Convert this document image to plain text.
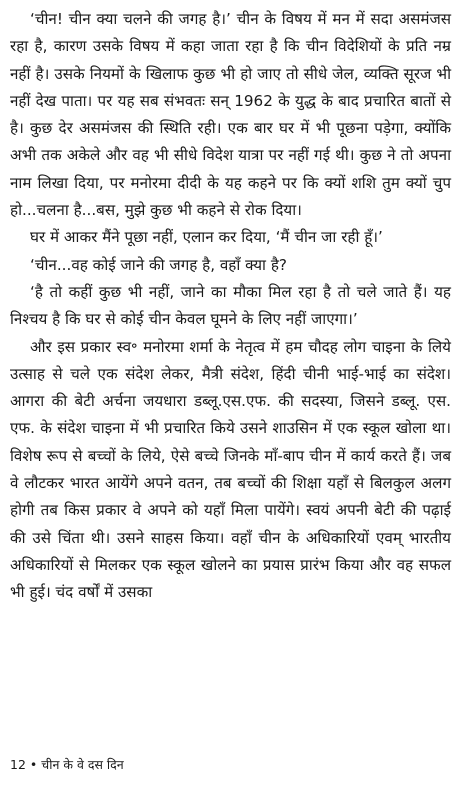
‘चीन! चीन क्या चलने की जगह है।’ चीन के विषय में मन में सदा असमंजस रहा है, कारण उसके विषय में कहा जाता रहा है कि चीन विदेशियों के प्रति नम्र नहीं है। उसके नियमों के खिलाफ कुछ भी हो जाए तो सीधे जेल, व्यक्ति सूरज भी नहीं देख पाता। पर यह सब संभवतः सन् 1962 के युद्ध के बाद प्रचारित बातों से है। कुछ देर असमंजस की स्थिति रही। एक बार घर में भी पूछना पड़ेगा, क्योंकि अभी तक अकेले और वह भी सीधे विदेश यात्रा पर नहीं गई थी। कुछ ने तो अपना नाम लिखा दिया, पर मनोरमा दीदी के यह कहने पर कि क्यों शशि तुम क्यों चुप हो...चलना है...बस, मुझे कुछ भी कहने से रोक दिया।

घर में आकर मैंने पूछा नहीं, एलान कर दिया, ‘मैं चीन जा रही हूँ।’

‘चीन...वह कोई जाने की जगह है, वहाँ क्या है?

‘है तो कहीं कुछ भी नहीं, जाने का मौका मिल रहा है तो चले जाते हैं। यह निश्चय है कि घर से कोई चीन केवल घूमने के लिए नहीं जाएगा।’

और इस प्रकार स्व॰ मनोरमा शर्मा के नेतृत्व में हम चौदह लोग चाइना के लिये उत्साह से चले एक संदेश लेकर, मैत्री संदेश, हिंदी चीनी भाई-भाई का संदेश। आगरा की बेटी अर्चना जयधारा डब्लू.एस.एफ. की सदस्या, जिसने डब्लू. एस. एफ. के संदेश चाइना में भी प्रचारित किये उसने शाउसिन में एक स्कूल खोला था। विशेष रूप से बच्चों के लिये, ऐसे बच्चे जिनके माँ-बाप चीन में कार्य करते हैं। जब वे लौटकर भारत आयेंगे अपने वतन, तब बच्चों की शिक्षा यहाँ से बिलकुल अलग होगी तब किस प्रकार वे अपने को यहाँ मिला पायेंगे। स्वयं अपनी बेटी की पढ़ाई की उसे चिंता थी। उसने साहस किया। वहाँ चीन के अधिकारियों एवम् भारतीय अधिकारियों से मिलकर एक स्कूल खोलने का प्रयास प्रारंभ किया और वह सफल भी हुई। चंद वर्षों में उसका

12 • चीन के वे दस दिन
